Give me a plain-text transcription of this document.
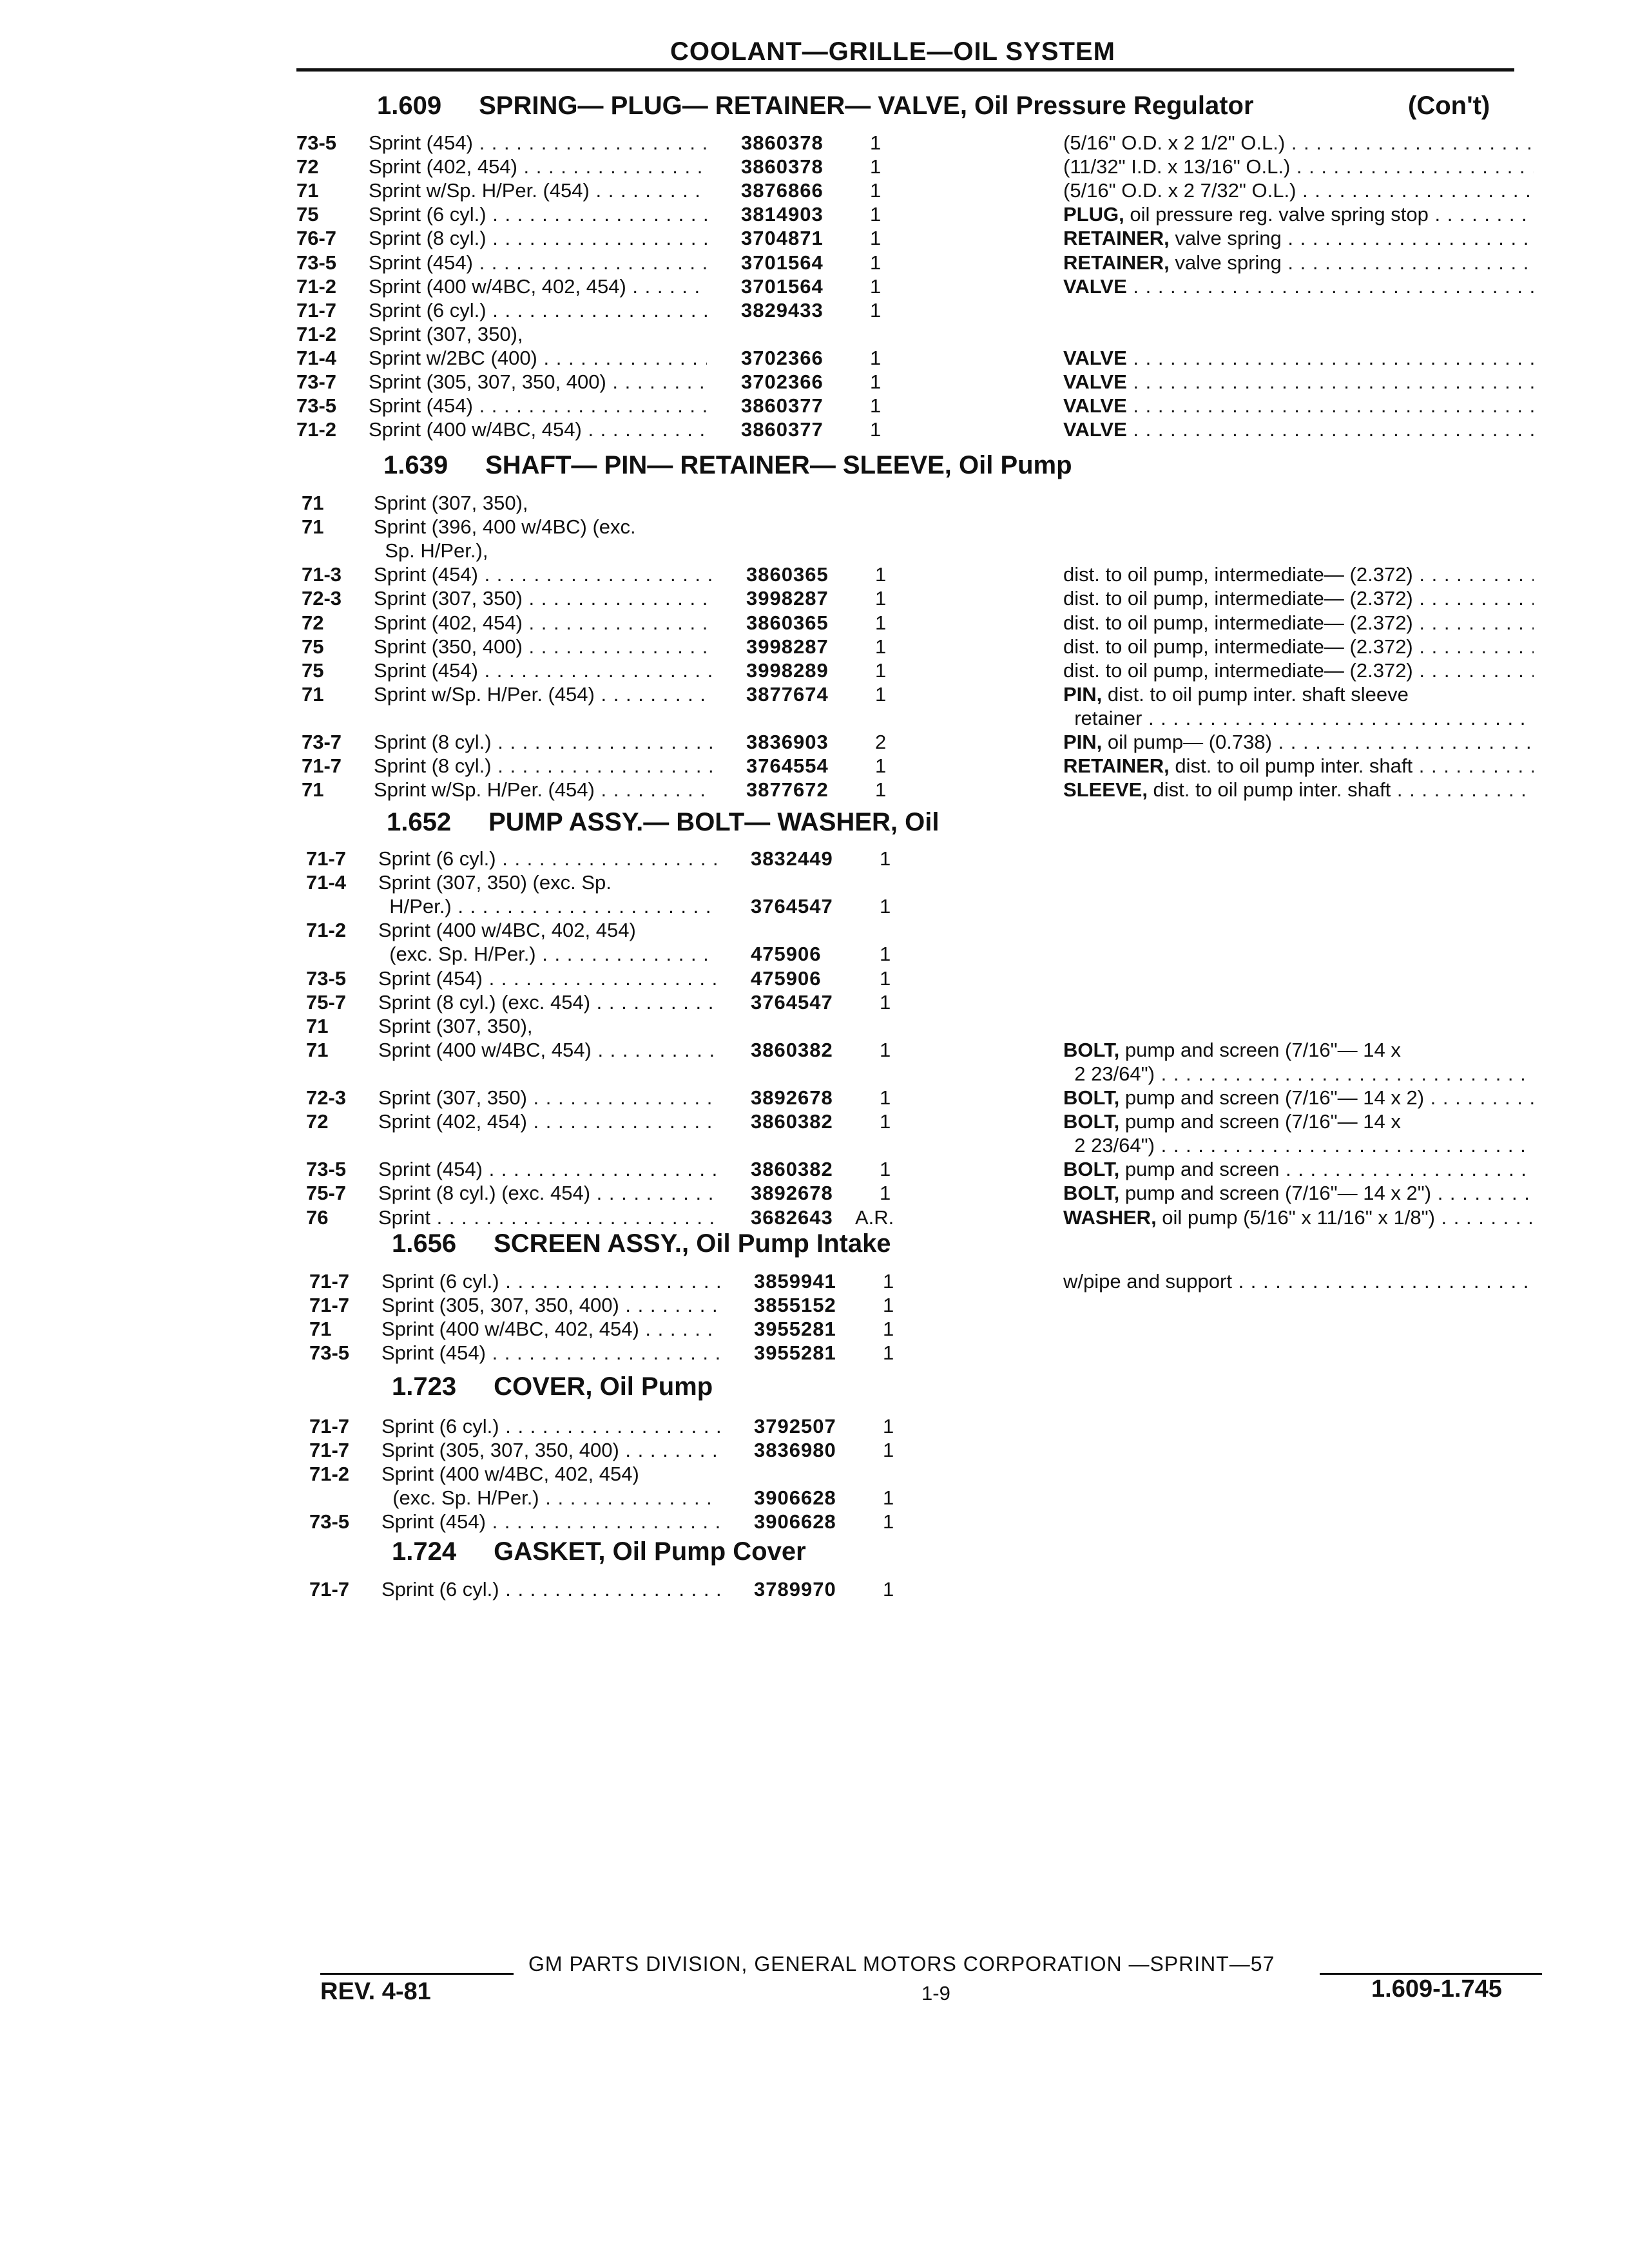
COOLANT—GRILLE—OIL SYSTEM
1.609 SPRING— PLUG— RETAINER— VALVE, Oil Pressure Regulator	(Con't)
73-5 Sprint (454) . . .	3860378 1	(5/16" O.D. x 2 1/2" O.L.) . . .
72	Sprint (402, 454) . . .	3860378 1	(11/32" I.D. x 13/16" O.L.) . . .
71	Sprint w/Sp. H/Per. (454) . . .	3876866 1	(5/16" O.D. x 2 7/32" O.L.) . . .
75	Sprint (6 cyl.) . . .	3814903 1	PLUG, oil pressure reg. valve spring stop . . .
76-7 Sprint (8 cyl.) . . .	3704871 1	RETAINER, valve spring . . .
73-5 Sprint (454) . . .	3701564 1	RETAINER, valve spring . . .
71-2 Sprint (400 w/4BC, 402, 454) . . .	3701564 1	VALVE . . .
71-7 Sprint (6 cyl.) . . .	3829433 1
71-2 Sprint (307, 350),
71-4 Sprint w/2BC (400) . . .	3702366 1	VALVE . . .
73-7 Sprint (305, 307, 350, 400) . . .	3702366 1	VALVE . . .
73-5 Sprint (454) . . .	3860377 1	VALVE . . .
71-2 Sprint (400 w/4BC, 454) . . .	3860377 1	VALVE . . .
1.639 SHAFT— PIN— RETAINER— SLEEVE, Oil Pump
71	Sprint (307, 350),
71	Sprint (396, 400 w/4BC) (exc.
Sp. H/Per.),
71-3 Sprint (454) . . .	3860365 1	dist. to oil pump, intermediate— (2.372) . . .
72-3 Sprint (307, 350) . . .	3998287 1	dist. to oil pump, intermediate— (2.372) . . .
72	Sprint (402, 454) . . .	3860365 1	dist. to oil pump, intermediate— (2.372) . . .
75	Sprint (350, 400) . . .	3998287 1	dist. to oil pump, intermediate— (2.372) . . .
75	Sprint (454) . . .	3998289 1	dist. to oil pump, intermediate— (2.372) . . .
71	Sprint w/Sp. H/Per. (454) . . .	3877674 1	PIN, dist. to oil pump inter. shaft sleeve
retainer . . .
73-7 Sprint (8 cyl.) . . .	3836903 2	PIN, oil pump— (0.738) . . .
71-7 Sprint (8 cyl.) . . .	3764554 1	RETAINER, dist. to oil pump inter. shaft . . .
71	Sprint w/Sp. H/Per. (454) . . .	3877672 1	SLEEVE, dist. to oil pump inter. shaft . . .
1.652 PUMP ASSY.— BOLT— WASHER, Oil
71-7 Sprint (6 cyl.) . . .	3832449 1
71-4 Sprint (307, 350) (exc. Sp.
H/Per.) . . .	3764547 1
71-2 Sprint (400 w/4BC, 402, 454)
(exc. Sp. H/Per.) . . .	475906	1
73-5 Sprint (454) . . .	475906	1
75-7 Sprint (8 cyl.) (exc. 454) . . .	3764547 1
71	Sprint (307, 350),
71	Sprint (400 w/4BC, 454) . . .	3860382 1	BOLT, pump and screen (7/16"— 14 x
2 23/64") . . .
72-3 Sprint (307, 350) . . .	3892678 1	BOLT, pump and screen (7/16"— 14 x 2) . . .
72	Sprint (402, 454) . . .	3860382 1	BOLT, pump and screen (7/16"— 14 x
2 23/64") . . .
73-5 Sprint (454) . . .	3860382 1	BOLT, pump and screen . . .
75-7 Sprint (8 cyl.) (exc. 454) . . .	3892678 1	BOLT, pump and screen (7/16"— 14 x 2") . . .
76	Sprint . . .	3682643 A.R.	WASHER, oil pump (5/16" x 11/16" x 1/8") . . .
1.656 SCREEN ASSY., Oil Pump Intake
71-7 Sprint (6 cyl.) . . .	3859941 1	w/pipe and support . . .
71-7 Sprint (305, 307, 350, 400) . . .	3855152 1
71	Sprint (400 w/4BC, 402, 454) . . .	3955281 1
73-5 Sprint (454) . . .	3955281 1
1.723 COVER, Oil Pump
71-7 Sprint (6 cyl.) . . .	3792507 1
71-7 Sprint (305, 307, 350, 400) . . .	3836980 1
71-2 Sprint (400 w/4BC, 402, 454)
(exc. Sp. H/Per.) . . .	3906628 1
73-5 Sprint (454) . . .	3906628 1
1.724 GASKET, Oil Pump Cover
71-7 Sprint (6 cyl.) . . .	3789970 1
GM PARTS DIVISION, GENERAL MOTORS CORPORATION —SPRINT—57
REV. 4-81	1-9	1.609-1.745
